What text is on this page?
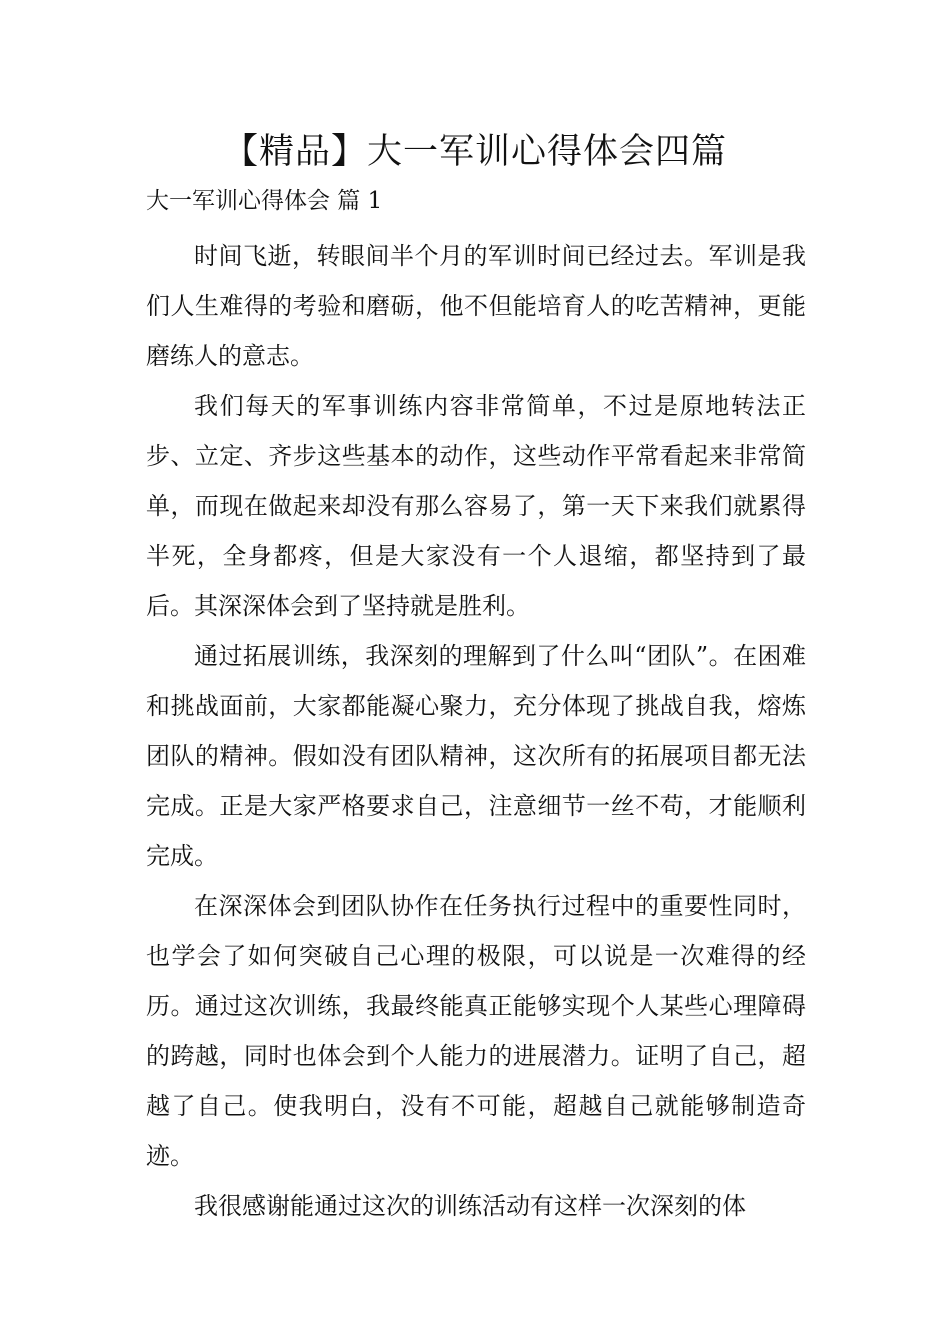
【精品】大一军训心得体会四篇
大一军训心得体会 篇 1

时间飞逝，转眼间半个月的军训时间已经过去。军训是我们人生难得的考验和磨砺，他不但能培育人的吃苦精神，更能磨练人的意志。

我们每天的军事训练内容非常简单，不过是原地转法正步、立定、齐步这些基本的动作，这些动作平常看起来非常简单，而现在做起来却没有那么容易了，第一天下来我们就累得半死，全身都疼，但是大家没有一个人退缩，都坚持到了最后。其深深体会到了坚持就是胜利。

通过拓展训练，我深刻的理解到了什么叫“团队”。在困难和挑战面前，大家都能凝心聚力，充分体现了挑战自我，熔炼团队的精神。假如没有团队精神，这次所有的拓展项目都无法完成。正是大家严格要求自己，注意细节一丝不苟，才能顺利完成。

在深深体会到团队协作在任务执行过程中的重要性同时，也学会了如何突破自己心理的极限，可以说是一次难得的经历。通过这次训练，我最终能真正能够实现个人某些心理障碍的跨越，同时也体会到个人能力的进展潜力。证明了自己，超越了自己。使我明白，没有不可能，超越自己就能够制造奇迹。

我很感谢能通过这次的训练活动有这样一次深刻的体
